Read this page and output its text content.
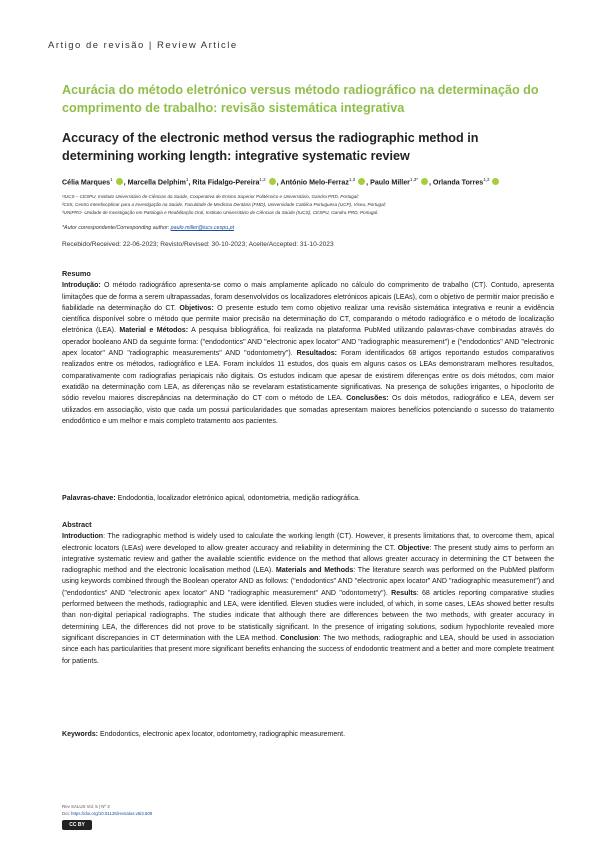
Artigo de revisão | Review Article
Acurácia do método eletrónico versus método radiográfico na determinação do comprimento de trabalho: revisão sistemática integrativa
Accuracy of the electronic method versus the radiographic method in determining working length: integrative systematic review
Célia Marques$^1$ , Marcella Delphim$^1$, Rita Fidalgo-Pereira$^{1,2}$ , António Melo-Ferraz$^{1,3}$ , Paulo Miller$^{1,3*}$ , Orlanda Torres$^{1,2}$
¹IUCS – CESPU, Instituto Universitário de Ciências da Saúde, Cooperativa de Ensino Superior Politécnico e Universitário, Gandra PRD, Portugal;
²CIIS, Centro Interdisciplinar para a Investigação na Saúde, Faculdade de Medicina Dentária (FMD), Universidade Católica Portuguesa (UCP), Viseu, Portugal;
³UNIPRO- Unidade de Investigação em Patologia e Reabilitação Oral, Instituto Universitário de Ciências da Saúde (IUCS), CESPU, Gandra PRD, Portugal.
*Autor correspondente/Corresponding author: paulo.miller@iucs.cespu.pt
Recebido/Received: 22-06-2023; Revisto/Revised: 30-10-2023; Aceite/Accepted: 31-10-2023
Resumo

Introdução: O método radiográfico apresenta-se como o mais amplamente aplicado no cálculo do comprimento de trabalho (CT). Contudo, apresenta limitações que de forma a serem ultrapassadas, foram desenvolvidos os localizadores eletrónicos apicais (LEAs), com o objetivo de permitir maior precisão e fiabilidade na determinação do CT. Objetivos: O presente estudo tem como objetivo realizar uma revisão sistemática integrativa e reunir a evidência científica disponível sobre o método que permite maior precisão na determinação do CT, comparando o método radiográfico e o método de localização eletrónica (LEA). Material e Métodos: A pesquisa bibliográfica, foi realizada na plataforma PubMed utilizando palavras-chave combinadas através do operador booleano AND da seguinte forma: ("endodontics" AND "electronic apex locator" AND "radiographic measurement") e ("endodontics" AND "electronic apex locator" AND "radiographic measurements" AND "odontometry"). Resultados: Foram identificados 68 artigos reportando estudos comparativos realizados entre os métodos, radiográfico e LEA. Foram incluídos 11 estudos, dos quais em alguns casos os LEAs demonstraram melhores resultados, comparativamente com radiografias periapicais não digitais. Os estudos indicam que apesar de existirem diferenças entre os dois métodos, com maior exatidão na determinação com LEA, as diferenças não se revelaram estatisticamente significativas. Na presença de soluções irrigantes, o hipoclorito de sódio revelou maiores discrepâncias na determinação do CT com o método de LEA. Conclusões: Os dois métodos, radiográfico e LEA, devem ser utilizados em associação, visto que cada um possui particularidades que somadas apresentam maiores benefícios potenciando o sucesso do tratamento endodôntico e um melhor e mais completo tratamento aos pacientes.

Palavras-chave: Endodontia, localizador eletrónico apical, odontometria, medição radiográfica.
Abstract

Introduction: The radiographic method is widely used to calculate the working length (CT). However, it presents limitations that, to overcome them, apical electronic locators (LEAs) were developed to allow greater accuracy and reliability in determining the CT. Objective: The present study aims to perform an integrative systematic review and gather the available scientific evidence on the method that allows greater accuracy in determining the CT between the radiographic method and the electronic localisation method (LEA). Materials and Methods: The literature search was performed on the PubMed platform using keywords combined through the Boolean operator AND as follows: ("endodontics" AND "electronic apex locator" AND "radiographic measurement") and ("endodontics" AND "electronic apex locator" AND "radiographic measurement" AND "odontometry"). Results: 68 articles reporting comparative studies performed between the methods, radiographic and LEA, were identified. Eleven studies were included, of which, in some cases, LEAs showed better results than non-digital periapical radiographs. The studies indicate that although there are differences between the two methods, with greater accuracy in determining LEA, the differences did not prove to be statistically significant. In the presence of irrigating solutions, sodium hypochlorite revealed more significant discrepancies in CT determination with the LEA method. Conclusion: The two methods, radiographic and LEA, should be used in association since each has particularities that present more significant benefits enhancing the success of endodontic treatment and a better and more complete treatment for patients.

Keywords: Endodontics, electronic apex locator, odontometry, radiographic measurement.
Rev SALUS Vol. 5 | Nº 3
Doi: https://doi.org/10.51126/revsalus.v5i3.509
CC BY
